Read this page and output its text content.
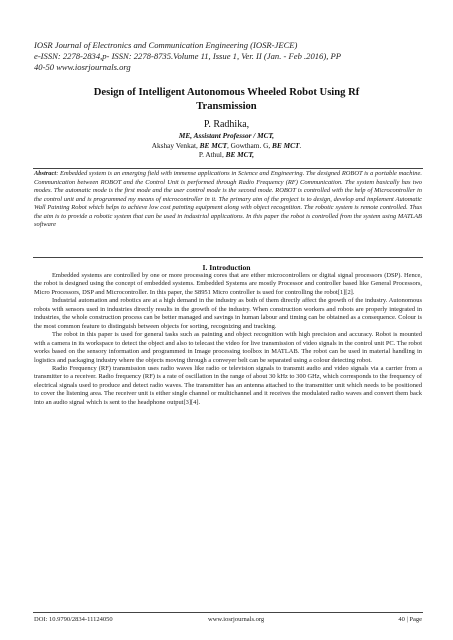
IOSR Journal of Electronics and Communication Engineering (IOSR-JECE)
e-ISSN: 2278-2834,p- ISSN: 2278-8735.Volume 11, Issue 1, Ver. II (Jan. - Feb .2016), PP
40-50 www.iosrjournals.org
Design of Intelligent Autonomous Wheeled Robot Using Rf
Transmission
P. Radhika,
ME, Assistant Professor / MCT,
Akshay Venkat, BE MCT, Gowtham. G, BE MCT.
P. Athul, BE MCT,
Abstract: Embedded system is an emerging field with immense applications in Science and Engineering. The designed ROBOT is a portable machine. Communication between ROBOT and the Control Unit is performed through Radio Frequency (RF) Communication. The system basically has two modes. The automatic mode is the first mode and the user control mode is the second mode. ROBOT is controlled with the help of Microcontroller in the control unit and is programmed my means of microcontroller in it. The primary aim of the project is to design, develop and implement Automatic Wall Painting Robot which helps to achieve low cost painting equipment along with object recognition. The robotic system is remote controlled. Thus the aim is to provide a robotic system that can be used in industrial applications. In this paper the robot is controlled from the system using MATLAB software
I. Introduction

Embedded systems are controlled by one or more processing cores that are either microcontrollers or digital signal processors (DSP). Hence, the robot is designed using the concept of embedded systems. Embedded Systems are mostly Processor and controller based like General Processors, Micro Processors, DSP and Microcontroller. In this paper, the S8951 Micro controller is used for controlling the robot[1][2].

Industrial automation and robotics are at a high demand in the industry as both of them directly affect the growth of the industry. Autonomous robots with sensors used in industries directly results in the growth of the industry. When construction workers and robots are properly integrated in industries, the whole construction process can be better managed and savings in human labour and timing can be obtained as a consequence. Colour is the most common feature to distinguish between objects for sorting, recognizing and tracking.

The robot in this paper is used for general tasks such as painting and object recognition with high precision and accuracy. Robot is mounted with a camera in its workspace to detect the object and also to telecast the video for live transmission of video signals in the control unit PC. The robot works based on the sensory information and programmed in Image processing toolbox in MATLAB. The robot can be used in material handling in logistics and packaging industry where the objects moving through a conveyer belt can be separated using a colour detecting robot.

Radio Frequency (RF) transmission uses radio waves like radio or television signals to transmit audio and video signals via a carrier from a transmitter to a receiver. Radio frequency (RF) is a rate of oscillation in the range of about 30 kHz to 300 GHz, which corresponds to the frequency of electrical signals used to produce and detect radio waves. The transmitter has an antenna attached to the transmitter unit which needs to be positioned to cover the listening area. The receiver unit is either single channel or multichannel and it receives the modulated radio waves and convert them back into an audio signal which is sent to the headphone output[3][4].

DOI: 10.9790/2834-11124050	www.iosrjournals.org	40 | Page
